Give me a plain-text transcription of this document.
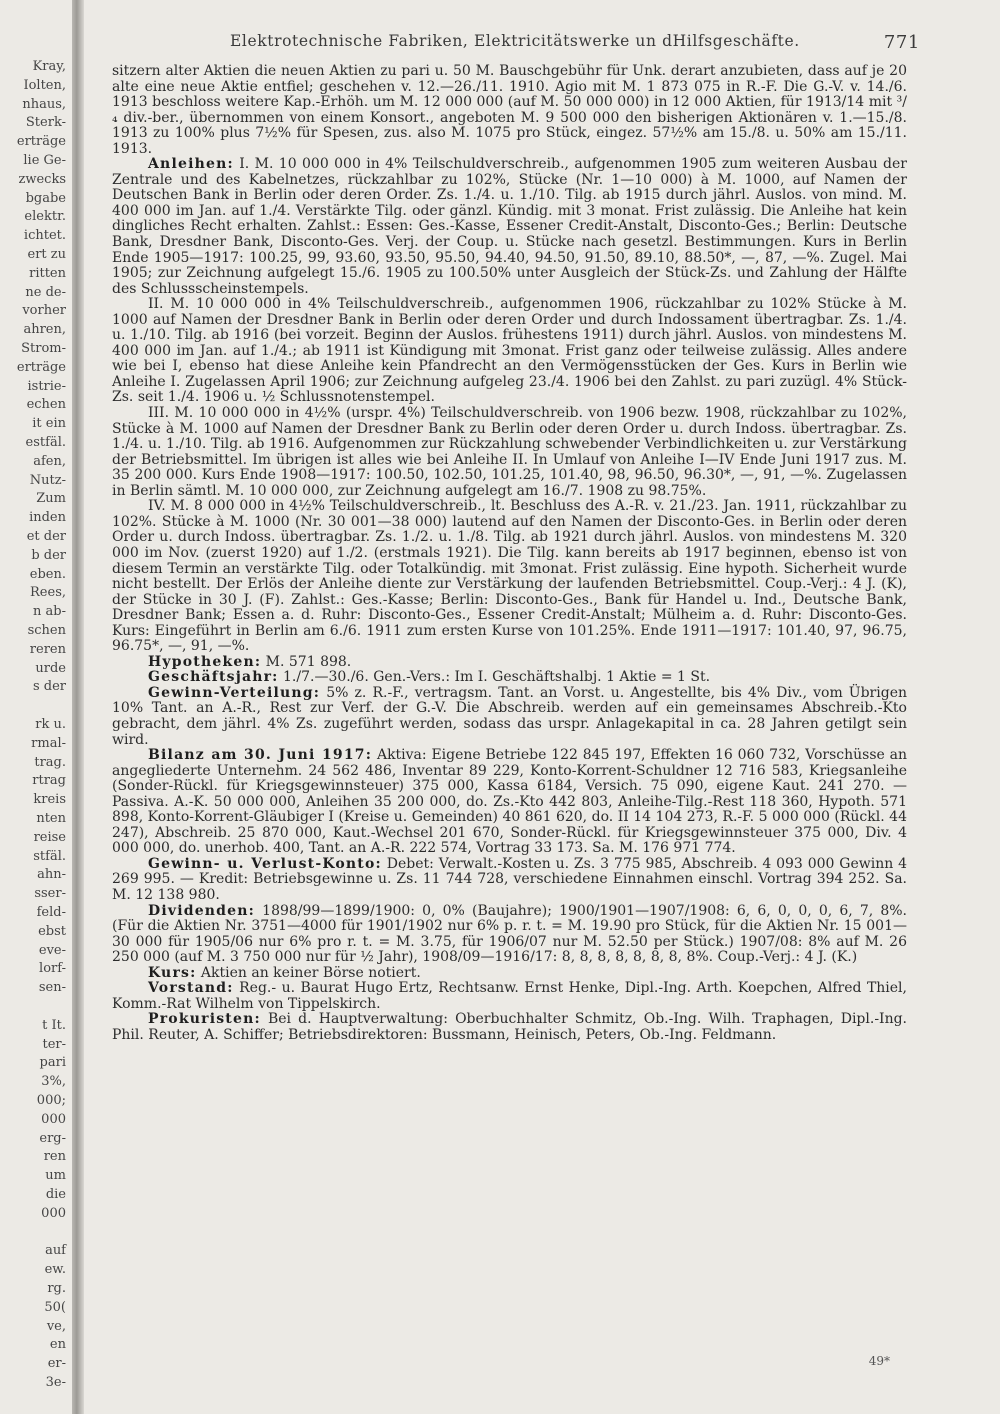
Kray,
Iolten,
nhaus,
Sterk-
erträge
lie Ge-
zwecks
bgabe
elektr.
ichtet.
ert zu
ritten
ne de-
vorher
ahren,
Strom-
erträge
istrie-
echen
it ein
estfäl.
afen,
Nutz-
Zum
inden
et der
b der
eben.
Rees,
n ab-
schen
reren
urde
s der
rk u.
rmal-
trag.
rtrag
kreis
nten
reise
stfäl.
ahn-
sser-
feld-
ebst
eve-
lorf-
sen-
t It.
ter-
pari
3%,
000;
000
erg-
ren
um
die
000
auf
ew.
rg.
50(
ve,
en
er-
3e-
Elektrotechnische Fabriken, Elektricitätswerke un dHilfsgeschäfte.	771

sitzern alter Aktien die neuen Aktien zu pari u. 50 M. Bauschgebühr für Unk. derart anzubieten, dass auf je 20 alte eine neue Aktie entfiel; geschehen v. 12.—26./11. 1910. Agio mit M. 1 873 075 in R.-F. Die G.-V. v. 14./6. 1913 beschloss weitere Kap.-Erhöh. um M. 12 000 000 (auf M. 50 000 000) in 12 000 Aktien, für 1913/14 mit ³/₄ div.-ber., übernommen von einem Konsort., angeboten M. 9 500 000 den bisherigen Aktionären v. 1.—15./8. 1913 zu 100% plus 7½% für Spesen, zus. also M. 1075 pro Stück, eingez. 57½% am 15./8. u. 50% am 15./11. 1913.

Anleihen: I. M. 10 000 000 in 4% Teilschuldverschreib., aufgenommen 1905 zum weiteren Ausbau der Zentrale und des Kabelnetzes, rückzahlbar zu 102%, Stücke (Nr. 1—10 000) à M. 1000, auf Namen der Deutschen Bank in Berlin oder deren Order. Zs. 1./4. u. 1./10. Tilg. ab 1915 durch jährl. Auslos. von mind. M. 400 000 im Jan. auf 1./4. Verstärkte Tilg. oder gänzl. Kündig. mit 3 monat. Frist zulässig. Die Anleihe hat kein dingliches Recht erhalten. Zahlst.: Essen: Ges.-Kasse, Essener Credit-Anstalt, Disconto-Ges.; Berlin: Deutsche Bank, Dresdner Bank, Disconto-Ges. Verj. der Coup. u. Stücke nach gesetzl. Bestimmungen. Kurs in Berlin Ende 1905—1917: 100.25, 99, 93.60, 93.50, 95.50, 94.40, 94.50, 91.50, 89.10, 88.50*, —, 87, —%. Zugel. Mai 1905; zur Zeichnung aufgelegt 15./6. 1905 zu 100.50% unter Ausgleich der Stück-Zs. und Zahlung der Hälfte des Schlussscheinstempels.

II. M. 10 000 000 in 4% Teilschuldverschreib., aufgenommen 1906, rückzahlbar zu 102% Stücke à M. 1000 auf Namen der Dresdner Bank in Berlin oder deren Order und durch Indossament übertragbar. Zs. 1./4. u. 1./10. Tilg. ab 1916 (bei vorzeit. Beginn der Auslos. frühestens 1911) durch jährl. Auslos. von mindestens M. 400 000 im Jan. auf 1./4.; ab 1911 ist Kündigung mit 3monat. Frist ganz oder teilweise zulässig. Alles andere wie bei I, ebenso hat diese Anleihe kein Pfandrecht an den Vermögensstücken der Ges. Kurs in Berlin wie Anleihe I. Zugelassen April 1906; zur Zeichnung aufgeleg 23./4. 1906 bei den Zahlst. zu pari zuzügl. 4% Stück-Zs. seit 1./4. 1906 u. ½ Schlussnotenstempel.

III. M. 10 000 000 in 4½% (urspr. 4%) Teilschuldverschreib. von 1906 bezw. 1908, rückzahlbar zu 102%, Stücke à M. 1000 auf Namen der Dresdner Bank zu Berlin oder deren Order u. durch Indoss. übertragbar. Zs. 1./4. u. 1./10. Tilg. ab 1916. Aufgenommen zur Rückzahlung schwebender Verbindlichkeiten u. zur Verstärkung der Betriebsmittel. Im übrigen ist alles wie bei Anleihe II. In Umlauf von Anleihe I—IV Ende Juni 1917 zus. M. 35 200 000. Kurs Ende 1908—1917: 100.50, 102.50, 101.25, 101.40, 98, 96.50, 96.30*, —, 91, —%. Zugelassen in Berlin sämtl. M. 10 000 000, zur Zeichnung aufgelegt am 16./7. 1908 zu 98.75%.

IV. M. 8 000 000 in 4½% Teilschuldverschreib., lt. Beschluss des A.-R. v. 21./23. Jan. 1911, rückzahlbar zu 102%. Stücke à M. 1000 (Nr. 30 001—38 000) lautend auf den Namen der Disconto-Ges. in Berlin oder deren Order u. durch Indoss. übertragbar. Zs. 1./2. u. 1./8. Tilg. ab 1921 durch jährl. Auslos. von mindestens M. 320 000 im Nov. (zuerst 1920) auf 1./2. (erstmals 1921). Die Tilg. kann bereits ab 1917 beginnen, ebenso ist von diesem Termin an verstärkte Tilg. oder Totalkündig. mit 3monat. Frist zulässig. Eine hypoth. Sicherheit wurde nicht bestellt. Der Erlös der Anleihe diente zur Verstärkung der laufenden Betriebsmittel. Coup.-Verj.: 4 J. (K), der Stücke in 30 J. (F). Zahlst.: Ges.-Kasse; Berlin: Disconto-Ges., Bank für Handel u. Ind., Deutsche Bank, Dresdner Bank; Essen a. d. Ruhr: Disconto-Ges., Essener Credit-Anstalt; Mülheim a. d. Ruhr: Disconto-Ges. Kurs: Eingeführt in Berlin am 6./6. 1911 zum ersten Kurse von 101.25%. Ende 1911—1917: 101.40, 97, 96.75, 96.75*, —, 91, —%.

Hypotheken: M. 571 898.

Geschäftsjahr: 1./7.—30./6. Gen.-Vers.: Im I. Geschäftshalbj. 1 Aktie = 1 St.

Gewinn-Verteilung: 5% z. R.-F., vertragsm. Tant. an Vorst. u. Angestellte, bis 4% Div., vom Übrigen 10% Tant. an A.-R., Rest zur Verf. der G.-V. Die Abschreib. werden auf ein gemeinsames Abschreib.-Kto gebracht, dem jährl. 4% Zs. zugeführt werden, sodass das urspr. Anlagekapital in ca. 28 Jahren getilgt sein wird.

Bilanz am 30. Juni 1917: Aktiva: Eigene Betriebe 122 845 197, Effekten 16 060 732, Vorschüsse an angegliederte Unternehm. 24 562 486, Inventar 89 229, Konto-Korrent-Schuldner 12 716 583, Kriegsanleihe (Sonder-Rückl. für Kriegsgewinnsteuer) 375 000, Kassa 6184, Versich. 75 090, eigene Kaut. 241 270. — Passiva. A.-K. 50 000 000, Anleihen 35 200 000, do. Zs.-Kto 442 803, Anleihe-Tilg.-Rest 118 360, Hypoth. 571 898, Konto-Korrent-Gläubiger I (Kreise u. Gemeinden) 40 861 620, do. II 14 104 273, R.-F. 5 000 000 (Rückl. 44 247), Abschreib. 25 870 000, Kaut.-Wechsel 201 670, Sonder-Rückl. für Kriegsgewinnsteuer 375 000, Div. 4 000 000, do. unerhob. 400, Tant. an A.-R. 222 574, Vortrag 33 173. Sa. M. 176 971 774.

Gewinn- u. Verlust-Konto: Debet: Verwalt.-Kosten u. Zs. 3 775 985, Abschreib. 4 093 000 Gewinn 4 269 995. — Kredit: Betriebsgewinne u. Zs. 11 744 728, verschiedene Einnahmen einschl. Vortrag 394 252. Sa. M. 12 138 980.

Dividenden: 1898/99—1899/1900: 0, 0% (Baujahre); 1900/1901—1907/1908: 6, 6, 0, 0, 0, 6, 7, 8%. (Für die Aktien Nr. 3751—4000 für 1901/1902 nur 6% p. r. t. = M. 19.90 pro Stück, für die Aktien Nr. 15 001—30 000 für 1905/06 nur 6% pro r. t. = M. 3.75, für 1906/07 nur M. 52.50 per Stück.) 1907/08: 8% auf M. 26 250 000 (auf M. 3 750 000 nur für ½ Jahr), 1908/09—1916/17: 8, 8, 8, 8, 8, 8, 8, 8%. Coup.-Verj.: 4 J. (K.)

Kurs: Aktien an keiner Börse notiert.

Vorstand: Reg.- u. Baurat Hugo Ertz, Rechtsanw. Ernst Henke, Dipl.-Ing. Arth. Koepchen, Alfred Thiel, Komm.-Rat Wilhelm von Tippelskirch.

Prokuristen: Bei d. Hauptverwaltung: Oberbuchhalter Schmitz, Ob.-Ing. Wilh. Traphagen, Dipl.-Ing. Phil. Reuter, A. Schiffer; Betriebsdirektoren: Bussmann, Heinisch, Peters, Ob.-Ing. Feldmann.

49*
